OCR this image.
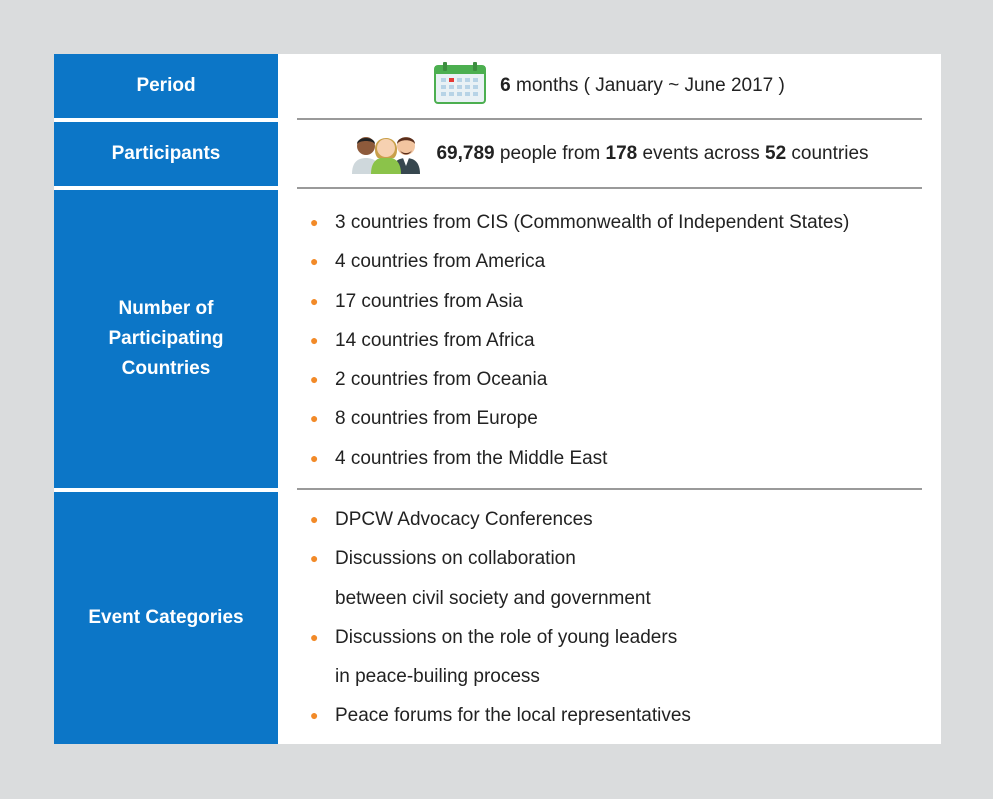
Period	6
months ( January ~ June 2017 )
Participants	69,789
people from
178
events across
52
countries
Number of
Participating
Countries
● 3 countries from CIS (Commonwealth of Independent States)
● 4 countries from America
● 17 countries from Asia
● 14 countries from Africa
● 2 countries from Oceania
● 8 countries from Europe
● 4 countries from the Middle East
Event Categories
● DPCW Advocacy Conferences
● Discussions on collaboration
between civil society and government
● Discussions on the role of young leaders
in peace-builing process
● Peace forums for the local representatives
